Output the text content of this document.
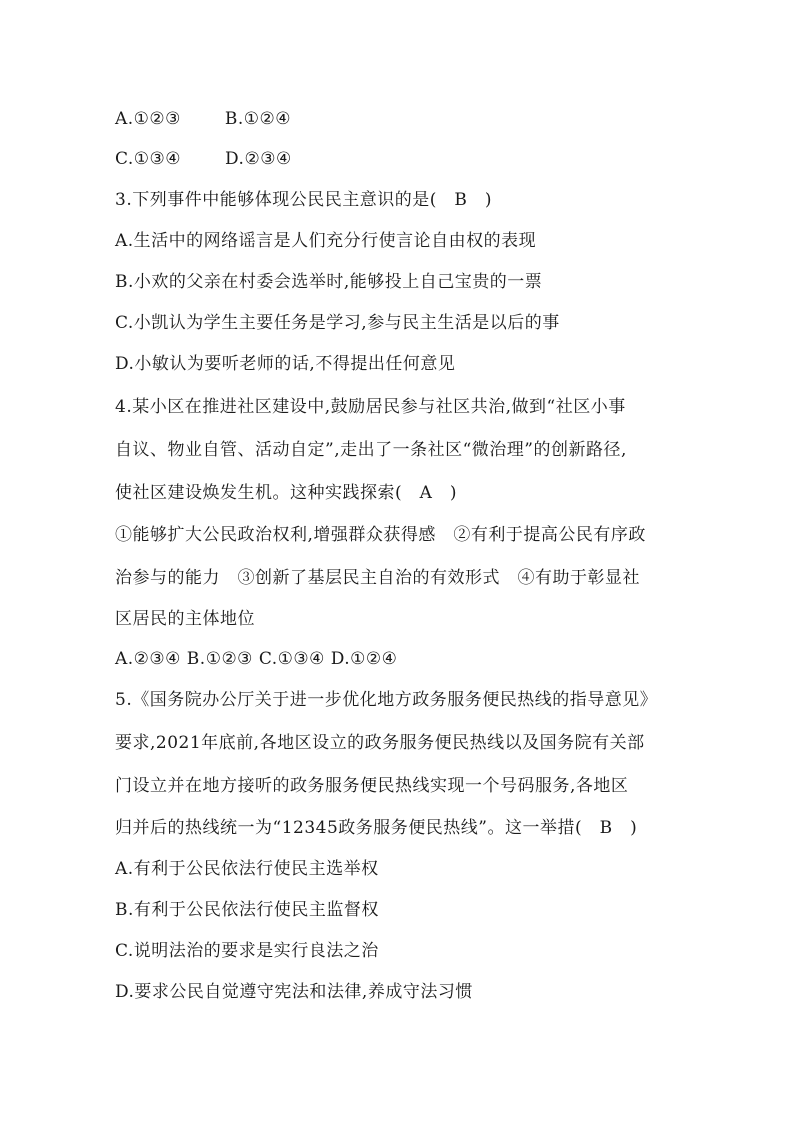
A.①②③	B.①②④
C.①③④	D.②③④
3.下列事件中能够体现公民民主意识的是(　B　)
A.生活中的网络谣言是人们充分行使言论自由权的表现
B.小欢的父亲在村委会选举时,能够投上自己宝贵的一票
C.小凯认为学生主要任务是学习,参与民主生活是以后的事
D.小敏认为要听老师的话,不得提出任何意见
4.某小区在推进社区建设中,鼓励居民参与社区共治,做到“社区小事
自议、物业自管、活动自定”,走出了一条社区“微治理”的创新路径,
使社区建设焕发生机。这种实践探索(　A　)
①能够扩大公民政治权利,增强群众获得感　②有利于提高公民有序政
治参与的能力　③创新了基层民主自治的有效形式　④有助于彰显社
区居民的主体地位
A.②③④ B.①②③ C.①③④ D.①②④
5.《国务院办公厅关于进一步优化地方政务服务便民热线的指导意见》
要求,2021年底前,各地区设立的政务服务便民热线以及国务院有关部
门设立并在地方接听的政务服务便民热线实现一个号码服务,各地区
归并后的热线统一为“12345政务服务便民热线”。这一举措(　B　)
A.有利于公民依法行使民主选举权
B.有利于公民依法行使民主监督权
C.说明法治的要求是实行良法之治
D.要求公民自觉遵守宪法和法律,养成守法习惯
